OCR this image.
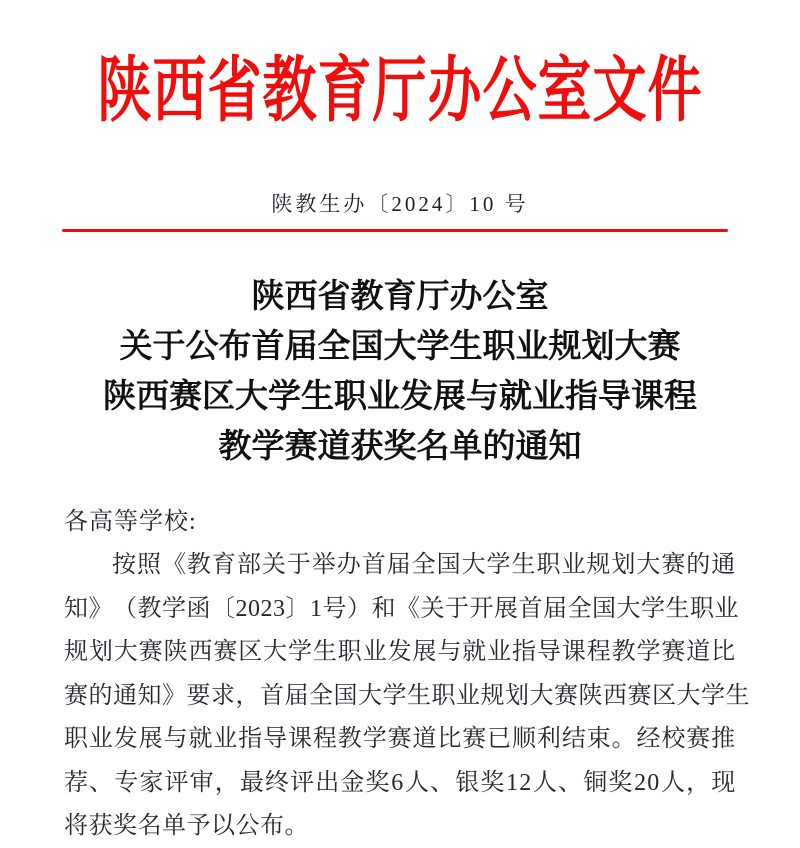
陕西省教育厅办公室文件
陕教生办〔2024〕10 号
陕西省教育厅办公室
关于公布首届全国大学生职业规划大赛
陕西赛区大学生职业发展与就业指导课程
教学赛道获奖名单的通知
各高等学校:
按 照 《 教 育 部 关 于 举 办 首 届 全 国 大 学 生 职 业 规 划 大 赛 的 通
知 》 （ 教 学 函 〔 2 0 2 3 〕 1 号 ） 和 《 关 于 开 展 首 届 全 国 大 学 生 职 业
规 划 大 赛 陕 西 赛 区 大 学 生 职 业 发 展 与 就 业 指 导 课 程 教 学 赛 道 比
赛 的 通 知 》 要 求 ， 首 届 全 国 大 学 生 职 业 规 划 大 赛 陕 西 赛 区 大 学 生
职 业 发 展 与 就 业 指 导 课 程 教 学 赛 道 比 赛 已 顺 利 结 束 。 经 校 赛 推
荐 、 专 家 评 审 ， 最 终 评 出 金 奖 6 人 、 银 奖 1 2 人 、 铜 奖 2 0 人 ， 现
将获奖名单予以公布。
